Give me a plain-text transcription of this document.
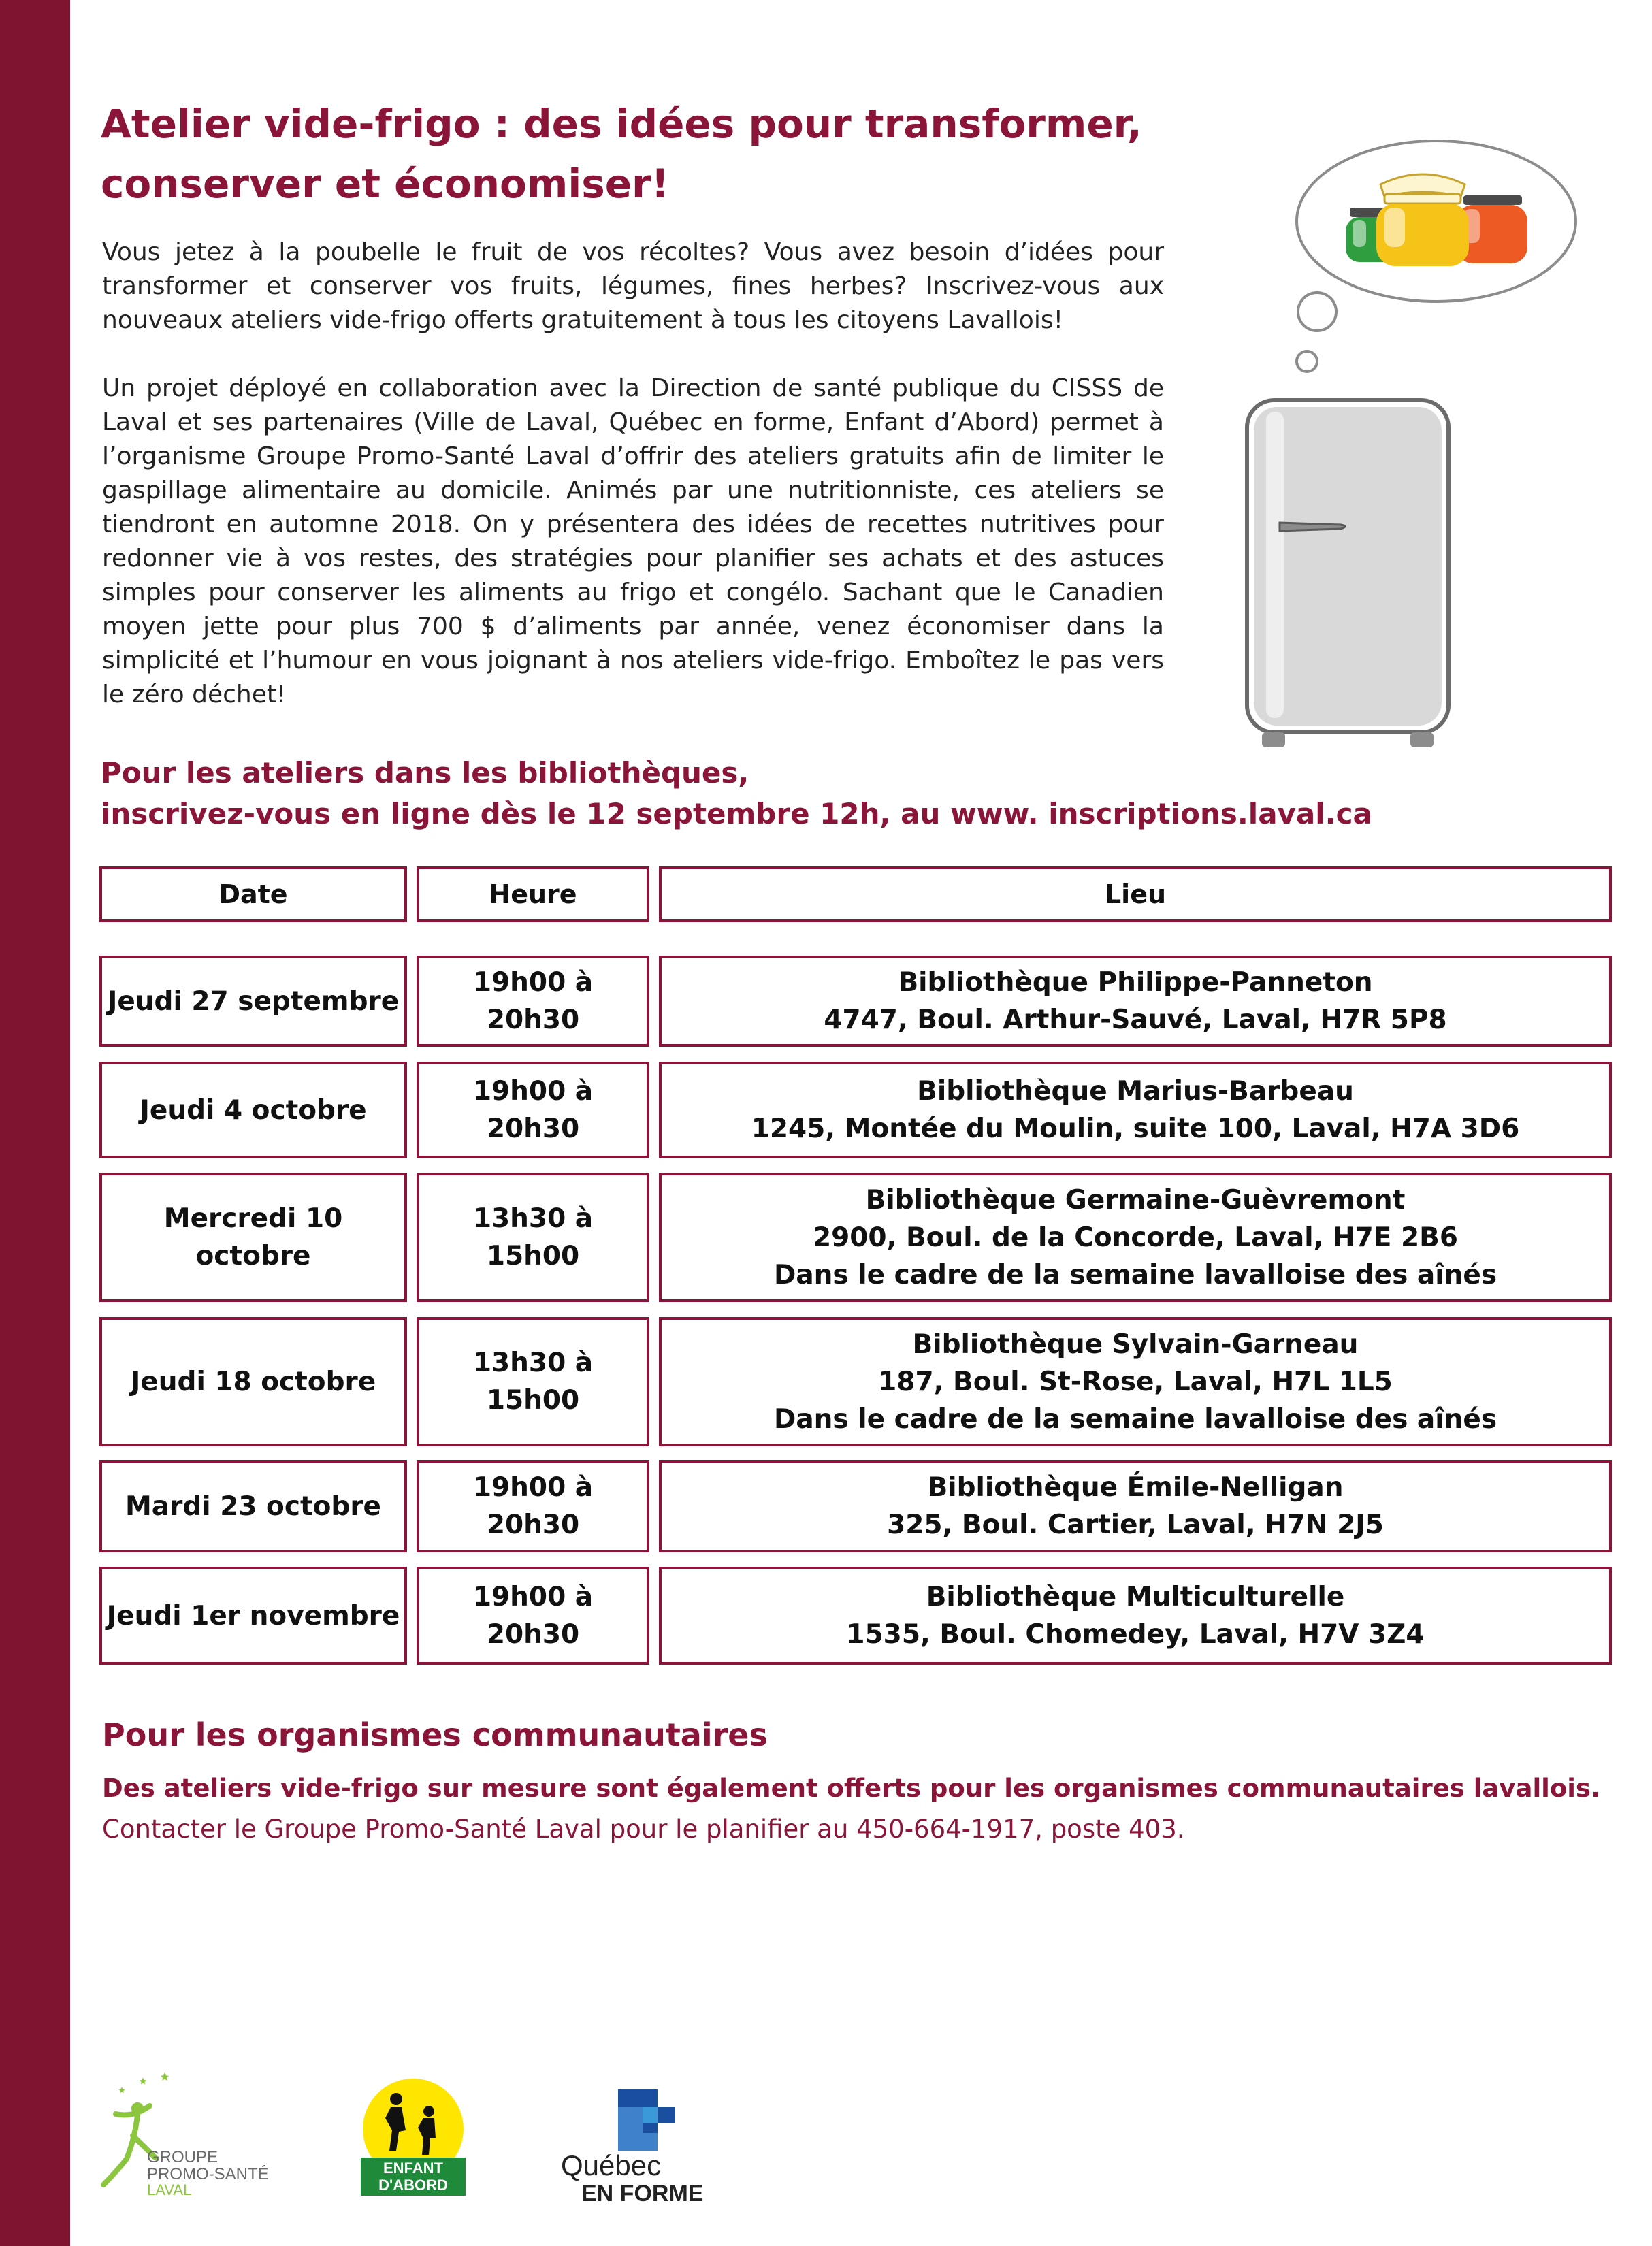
Atelier vide-frigo : des idées pour transformer,
conserver et économiser!

Vous jetez à la poubelle le fruit de vos récoltes? Vous avez besoin d’idées pour transformer et conserver vos fruits, légumes, fines herbes? Inscrivez-vous aux nouveaux ateliers vide-frigo offerts gratuitement à tous les citoyens Lavallois!

Un projet déployé en collaboration avec la Direction de santé publique du CISSS de Laval et ses partenaires (Ville de Laval, Québec en forme, Enfant d’Abord) permet à l’organisme Groupe Promo-Santé Laval d’offrir des ateliers gratuits afin de limiter le gaspillage alimentaire au domicile. Animés par une nutritionniste, ces ateliers se tiendront en automne 2018. On y présentera des idées de recettes nutritives pour redonner vie à vos restes, des stratégies pour planifier ses achats et des astuces simples pour conserver les aliments au frigo et congélo. Sachant que le Canadien moyen jette pour plus 700 $ d’aliments par année, venez économiser dans la simplicité et l’humour en vous joignant à nos ateliers vide-frigo. Emboîtez le pas vers le zéro déchet!

Pour les ateliers dans les bibliothèques,
inscrivez-vous en ligne dès le 12 septembre 12h, au www. inscriptions.laval.ca
Date	Heure	Lieu
Jeudi 27 septembre
19h00 à
20h30
Bibliothèque Philippe-Panneton
4747, Boul. Arthur-Sauvé, Laval, H7R 5P8
Jeudi 4 octobre
19h00 à
20h30
Bibliothèque Marius-Barbeau
1245, Montée du Moulin, suite 100, Laval, H7A 3D6
Mercredi 10 octobre
13h30 à
15h00
Bibliothèque Germaine-Guèvremont
2900, Boul. de la Concorde, Laval, H7E 2B6
Dans le cadre de la semaine lavalloise des aînés
Jeudi 18 octobre
13h30 à
15h00
Bibliothèque Sylvain-Garneau
187, Boul. St-Rose, Laval, H7L 1L5
Dans le cadre de la semaine lavalloise des aînés
Mardi 23 octobre
19h00 à
20h30
Bibliothèque Émile-Nelligan
325, Boul. Cartier, Laval, H7N 2J5
Jeudi 1er novembre
19h00 à
20h30
Bibliothèque Multiculturelle
1535, Boul. Chomedey, Laval, H7V 3Z4
Pour les organismes communautaires
Des ateliers vide-frigo sur mesure sont également offerts pour les organismes communautaires lavallois.
Contacter le Groupe Promo-Santé Laval pour le planifier au 450-664-1917, poste 403.
GROUPE
PROMO-SANTÉ
LAVAL
ENFANT
D'ABORD
Québec
EN FORME
